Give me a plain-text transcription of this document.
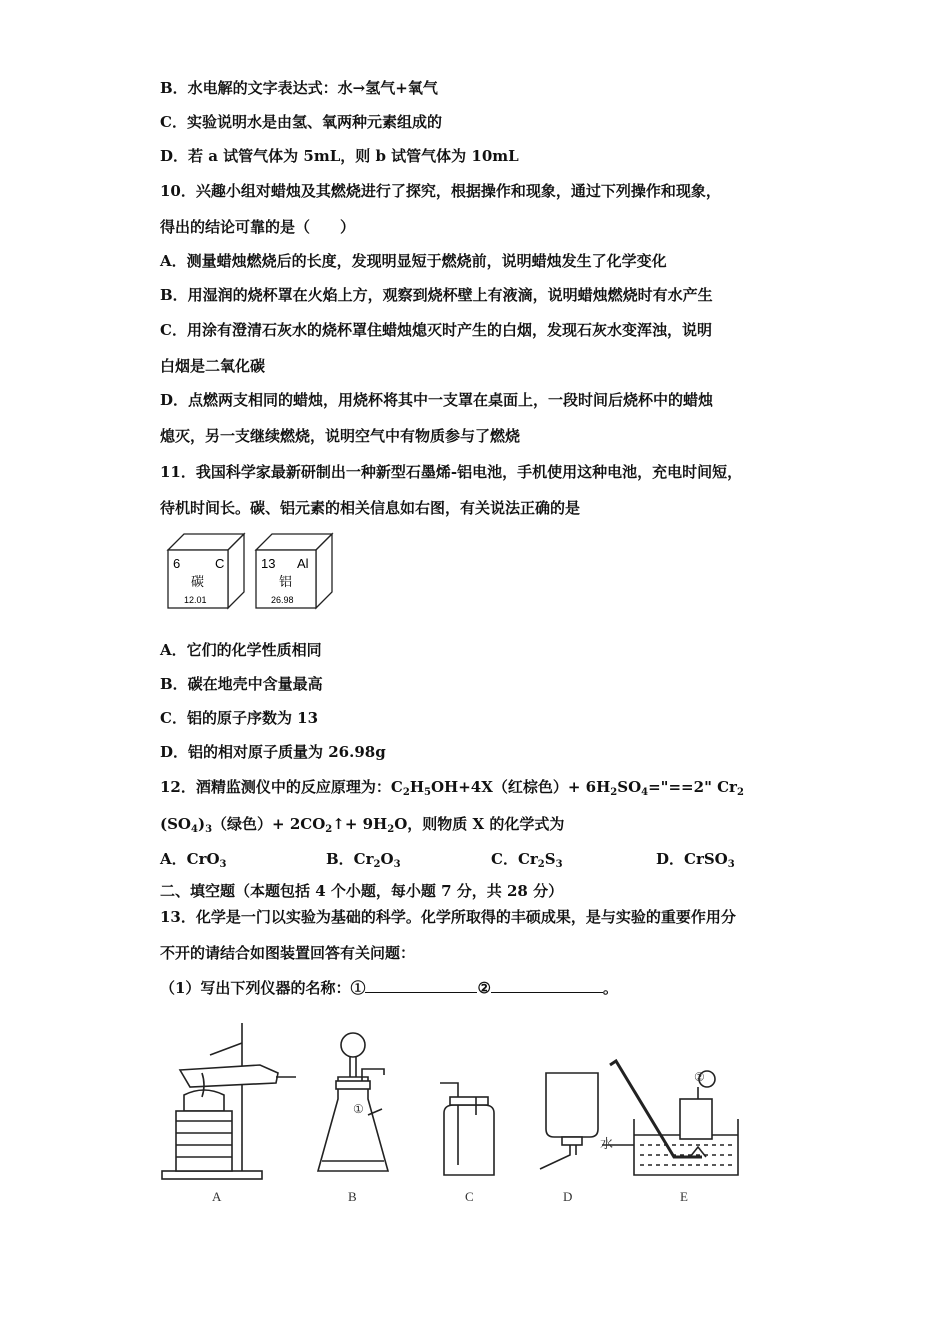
B．水电解的文字表达式：水→氢气+氧气
C．实验说明水是由氢、氧两种元素组成的
D．若 a 试管气体为 5mL，则 b 试管气体为 10mL
10．兴趣小组对蜡烛及其燃烧进行了探究，根据操作和现象，通过下列操作和现象，
得出的结论可靠的是（　　）
A．测量蜡烛燃烧后的长度，发现明显短于燃烧前，说明蜡烛发生了化学变化
B．用湿润的烧杯罩在火焰上方，观察到烧杯壁上有液滴，说明蜡烛燃烧时有水产生
C．用涂有澄清石灰水的烧杯罩住蜡烛熄灭时产生的白烟，发现石灰水变浑浊，说明
白烟是二氧化碳
D．点燃两支相同的蜡烛，用烧杯将其中一支罩在桌面上，一段时间后烧杯中的蜡烛
熄灭，另一支继续燃烧，说明空气中有物质参与了燃烧
11．我国科学家最新研制出一种新型石墨烯-铝电池，手机使用这种电池，充电时间短，
待机时间长。碳、铝元素的相关信息如右图，有关说法正确的是
6	C
碳
12.01
13 Al
铝
26.98
A．它们的化学性质相同
B．碳在地壳中含量最高
C．铝的原子序数为 13
D．铝的相对原子质量为 26.98g
12．酒精监测仪中的反应原理为：$C_2H_5OH+4X$（红棕色）+ $6H_2SO_4="==2$" $Cr_2$
$(SO_4)_3$（绿色）+ $2CO_2↑+ 9H_2O$，则物质 X 的化学式为
A．CrO$_3$	B．$Cr_2O_3$	C．$Cr_2S_3$	D．CrSO$_3$
二、填空题（本题包括 4 个小题，每小题 7 分，共 28 分）
13．化学是一门以实验为基础的科学。化学所取得的丰硕成果，是与实验的重要作用分
不开的请结合如图装置回答有关问题：
（1）写出下列仪器的名称：①	②	。
①
②
水
A	B	C	D	E
